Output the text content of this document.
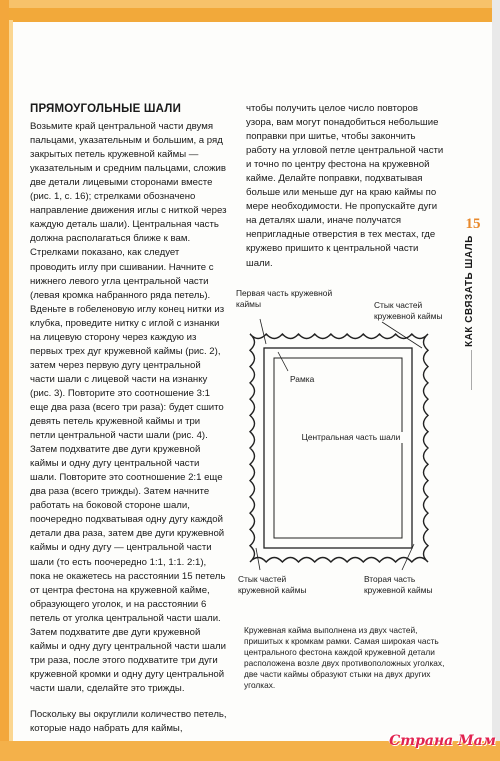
ПРЯМОУГОЛЬНЫЕ ШАЛИ

Возьмите край центральной части двумя пальцами, указательным и большим, а ряд закрытых петель кружевной каймы — указательным и средним пальцами, сложив две детали лицевыми сторонами вместе (рис. 1, с. 16); стрелками обозначено направление движения иглы с ниткой через каждую деталь шали). Центральная часть должна располагаться ближе к вам. Стрелками показано, как следует проводить иглу при сшивании. Начните с нижнего левого угла центральной части (левая кромка набранного ряда петель). Вденьте в гобеленовую иглу конец нитки из клубка, проведите нитку с иглой с изнанки на лицевую сторону через каждую из первых трех дуг кружевной каймы (рис. 2), затем через первую дугу центральной части шали с лицевой части на изнанку (рис. 3). Повторите это соотношение 3:1 еще два раза (всего три раза): будет сшито девять петель кружевной каймы и три петли центральной части шали (рис. 4). Затем подхватите две дуги кружевной каймы и одну дугу центральной части шали. Повторите это соотношение 2:1 еще два раза (всего трижды). Затем начните работать на боковой стороне шали, поочередно подхватывая одну дугу каждой детали два раза, затем две дуги кружевной каймы и одну дугу — центральной части шали (то есть поочередно 1:1, 1:1. 2:1), пока не окажетесь на расстоянии 15 петель от центра фестона на кружевной кайме, образующего уголок, и на расстоянии 6 петель от уголка центральной части шали. Затем подхватите две дуги кружевной каймы и одну дугу центральной части шали три раза, после этого подхватите три дуги кружевной кромки и одну дугу центральной части шали, сделайте это трижды.

Поскольку вы округлили количество петель, которые надо набрать для каймы,

чтобы получить целое число повторов узора, вам могут понадобиться небольшие поправки при шитье, чтобы закончить работу на угловой петле центральной части и точно по центру фестона на кружевной кайме. Делайте поправки, подхватывая больше или меньше дуг на краю каймы по мере необходимости. Не пропускайте дуги на деталях шали, иначе получатся непригладные отверстия в тех местах, где кружево пришито к центральной части шали.

15
КАК СВЯЗАТЬ ШАЛЬ
Первая часть кружевной каймы	Стык частей кружевной каймы
Рамка
Центральная часть шали
Стык частей кружевной каймы
Вторая часть кружевной каймы
Кружевная кайма выполнена из двух частей, пришитых к кромкам рамки. Самая широкая часть центрального фестона каждой кружевной детали расположена возле двух противоположных уголках, две части каймы образуют стыки на двух других уголках.
Страна Мам
